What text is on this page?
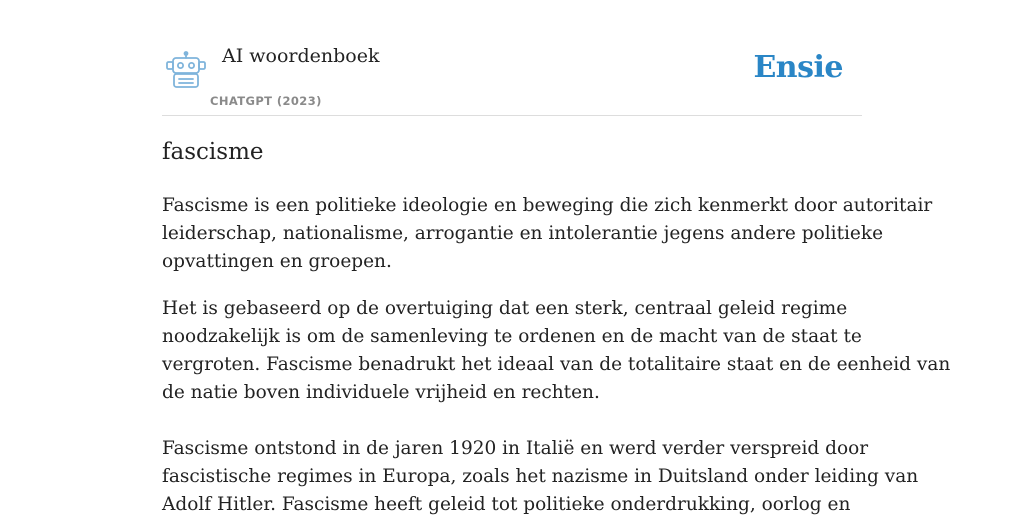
AI woordenboek
CHATGPT (2023)
Ensie
fascisme

Fascisme is een politieke ideologie en beweging die zich kenmerkt door autoritair

leiderschap, nationalisme, arrogantie en intolerantie jegens andere politieke

opvattingen en groepen.

Het is gebaseerd op de overtuiging dat een sterk, centraal geleid regime

noodzakelijk is om de samenleving te ordenen en de macht van de staat te

vergroten. Fascisme benadrukt het ideaal van de totalitaire staat en de eenheid van

de natie boven individuele vrijheid en rechten.

Fascisme ontstond in de jaren 1920 in Italië en werd verder verspreid door

fascistische regimes in Europa, zoals het nazisme in Duitsland onder leiding van

Adolf Hitler. Fascisme heeft geleid tot politieke onderdrukking, oorlog en
